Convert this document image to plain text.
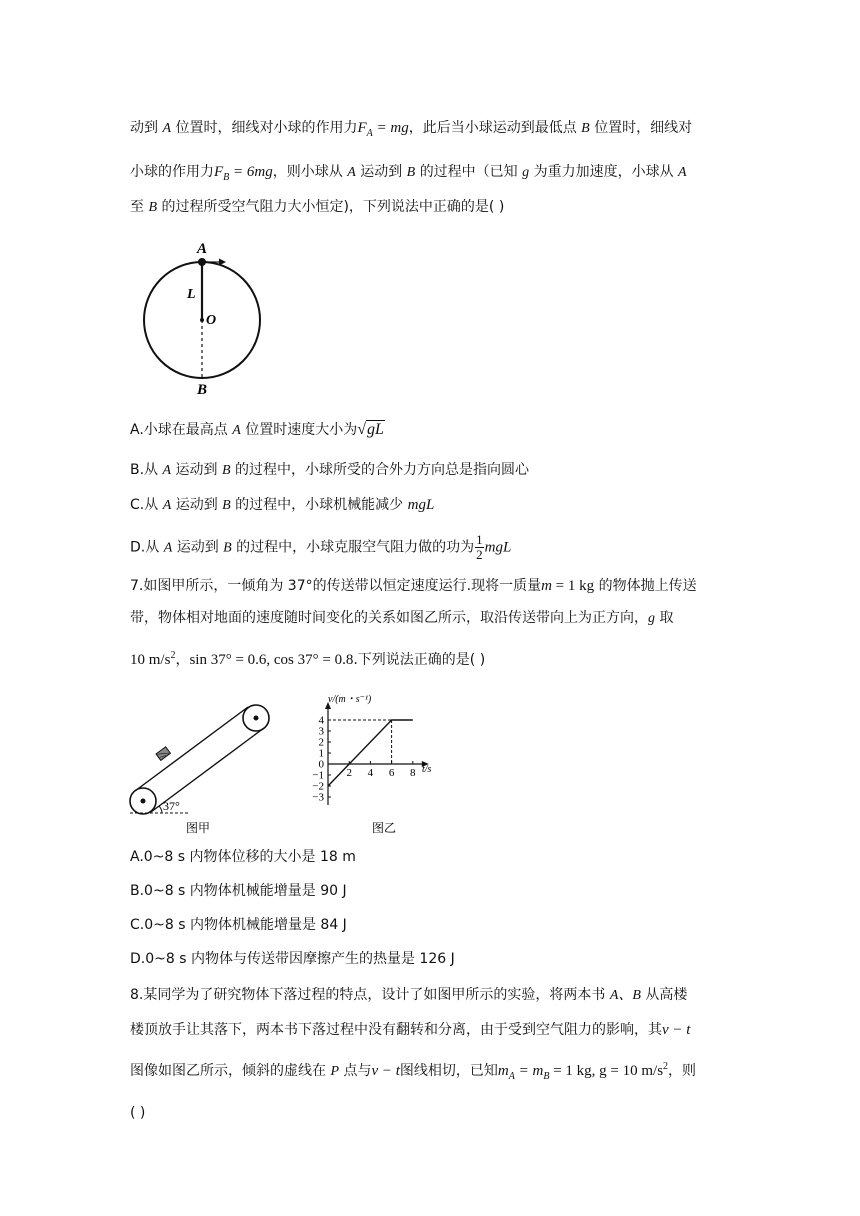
动到 A 位置时，细线对小球的作用力$F_A$ = mg，此后当小球运动到最低点 B 位置时，细线对
小球的作用力$F_B = 6mg$，则小球从 A 运动到 B 的过程中（已知 g 为重力加速度，小球从 A
至 B 的过程所受空气阻力大小恒定)，下列说法中正确的是( )
A
L
O
B
A.小球在最高点 A 位置时速度大小为√gL
B.从 A 运动到 B 的过程中，小球所受的合外力方向总是指向圆心
C.从 A 运动到 B 的过程中，小球机械能减少 mgL
D.从 A 运动到 B 的过程中，小球克服空气阻力做的功为 $\frac{1}{2}$ mgL
7.如图甲所示，一倾角为 37°的传送带以恒定速度运行.现将一质量m = 1 kg 的物体抛上传送
带，物体相对地面的速度随时间变化的关系如图乙所示，取沿传送带向上为正方向，g 取
10 $m/s^2$，sin 37° = 0.6, cos 37° = 0.8.下列说法正确的是( )
37°
图甲
v/(m・s⁻¹)
t/s
4
3
2
1
0
−1
−2
−3
2 4 6 8
图乙
A.0~8 s 内物体位移的大小是 18 m
B.0~8 s 内物体机械能增量是 90 J
C.0~8 s 内物体机械能增量是 84 J
D.0~8 s 内物体与传送带因摩擦产生的热量是 126 J
8.某同学为了研究物体下落过程的特点，设计了如图甲所示的实验，将两本书 A、B 从高楼
楼顶放手让其落下，两本书下落过程中没有翻转和分离，由于受到空气阻力的影响，其v − t
图像如图乙所示，倾斜的虚线在 P 点与v − t图线相切，已知$m_A = m_B = 1$ kg, g = 10 $m/s^2$，则
( )
